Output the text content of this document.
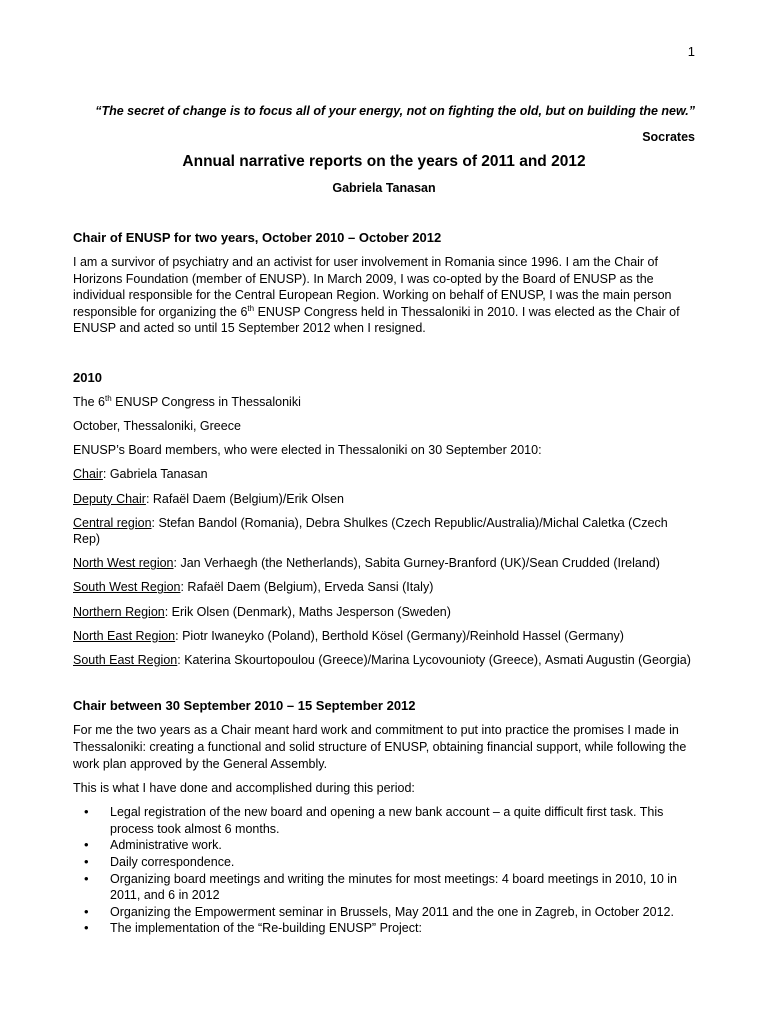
1
“The secret of change is to focus all of your energy, not on fighting the old, but on building the new.”
Socrates
Annual narrative reports on the years of 2011 and 2012
Gabriela Tanasan

Chair of ENUSP for two years, October 2010 – October 2012

I am a survivor of psychiatry and an activist for user involvement in Romania since 1996. I am the Chair of Horizons Foundation (member of ENUSP). In March 2009, I was co-opted by the Board of ENUSP as the individual responsible for the Central European Region. Working on behalf of ENUSP, I was the main person responsible for organizing the 6th ENUSP Congress held in Thessaloniki in 2010. I was elected as the Chair of ENUSP and acted so until 15 September 2012 when I resigned.

2010

The 6th ENUSP Congress in Thessaloniki

October, Thessaloniki, Greece

ENUSP’s Board members, who were elected in Thessaloniki on 30 September 2010:

Chair: Gabriela Tanasan

Deputy Chair: Rafaël Daem (Belgium)/Erik Olsen

Central region: Stefan Bandol (Romania), Debra Shulkes (Czech Republic/Australia)/Michal Caletka (Czech Rep)

North West region: Jan Verhaegh (the Netherlands), Sabita Gurney-Branford (UK)/Sean Crudded (Ireland)

South West Region: Rafaël Daem (Belgium), Erveda Sansi (Italy)

Northern Region: Erik Olsen (Denmark), Maths Jesperson (Sweden)

North East Region: Piotr Iwaneyko (Poland), Berthold Kösel (Germany)/Reinhold Hassel (Germany)

South East Region: Katerina Skourtopoulou (Greece)/Marina Lycovouniotу (Greece), Asmati Augustin (Georgia)

Chair between 30 September 2010 – 15 September 2012

For me the two years as a Chair meant hard work and commitment to put into practice the promises I made in Thessaloniki: creating a functional and solid structure of ENUSP, obtaining financial support, while following the work plan approved by the General Assembly.

This is what I have done and accomplished during this period:

• Legal registration of the new board and opening a new bank account – a quite difficult first task. This process took almost 6 months.
• Administrative work.
• Daily correspondence.
• Organizing board meetings and writing the minutes for most meetings: 4 board meetings in 2010, 10 in 2011, and 6 in 2012
• Organizing the Empowerment seminar in Brussels, May 2011 and the one in Zagreb, in October 2012.
• The implementation of the “Re-building ENUSP” Project:
